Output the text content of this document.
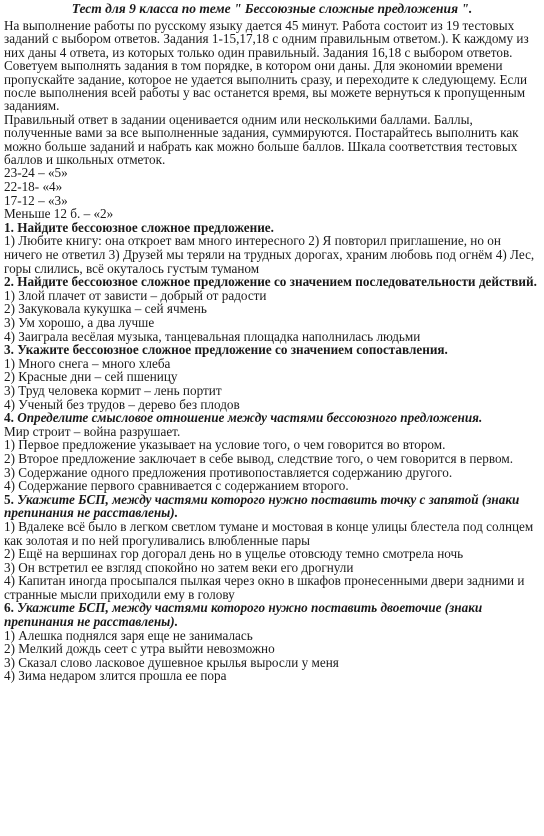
Тест для 9 класса по теме " Бессоюзные сложные предложения ".

На выполнение работы по русскому языку дается 45 минут. Работа состоит из 19 тестовых заданий с выбором ответов. Задания 1-15,17,18 с одним правильным ответом.). К каждому из них даны 4 ответа, из которых только один правильный. Задания 16,18 с выбором ответов.

Советуем выполнять задания в том порядке, в котором они даны. Для экономии времени пропускайте задание, которое не удается выполнить сразу, и переходите к следующему. Если после выполнения всей работы у вас останется время, вы можете вернуться к пропущенным заданиям.

Правильный ответ в задании оценивается одним или несколькими баллами. Баллы, полученные вами за все выполненные задания, суммируются. Постарайтесь выполнить как можно больше заданий и набрать как можно больше баллов. Шкала соответствия тестовых баллов и школьных отметок.

23-24 – «5»

22-18- «4»

17-12 – «3»

Меньше 12 б. – «2»

1. Найдите бессоюзное сложное предложение.

1) Любите книгу: она откроет вам много интересного 2) Я повторил приглашение, но он ничего не ответил 3) Друзей мы теряли на трудных дорогах, храним любовь под огнём 4) Лес, горы слились, всё окуталось густым туманом

2. Найдите бессоюзное сложное предложение со значением последовательности действий.

1) Злой плачет от зависти – добрый от радости

2) Закуковала кукушка – сей ячмень

3) Ум хорошо, а два лучше

4) Заиграла весёлая музыка, танцевальная площадка наполнилась людьми

3. Укажите бессоюзное сложное предложение со значением сопоставления.

1) Много снега – много хлеба

2) Красные дни – сей пшеницу

3) Труд человека кормит – лень портит

4) Ученый без трудов – дерево без плодов

4. Определите смысловое отношение между частями бессоюзного предложения.

Мир строит – война разрушает.

1) Первое предложение указывает на условие того, о чем говорится во втором.

2) Второе предложение заключает в себе вывод, следствие того, о чем говорится в первом.

3) Содержание одного предложения противопоставляется содержанию другого.

4) Содержание первого сравнивается с содержанием второго.

5. Укажите БСП, между частями которого нужно поставить точку с запятой (знаки препинания не расставлены).

1) Вдалеке всё было в легком светлом тумане и мостовая в конце улицы блестела под солнцем как золотая и по ней прогуливались влюбленные пары

2) Ещё на вершинах гор догорал день но в ущелье отовсюду темно смотрела ночь

3) Он встретил ее взгляд спокойно но затем веки его дрогнули

4) Капитан иногда просыпался пылкая через окно в шкафов пронесенными двери задними и странные мысли приходили ему в голову

6. Укажите БСП, между частями которого нужно поставить двоеточие (знаки препинания не расставлены).

1) Алешка поднялся заря еще не занималась

2) Мелкий дождь сеет с утра выйти невозможно

3) Сказал слово ласковое душевное крылья выросли у меня

4) Зима недаром злится прошла ее пора
